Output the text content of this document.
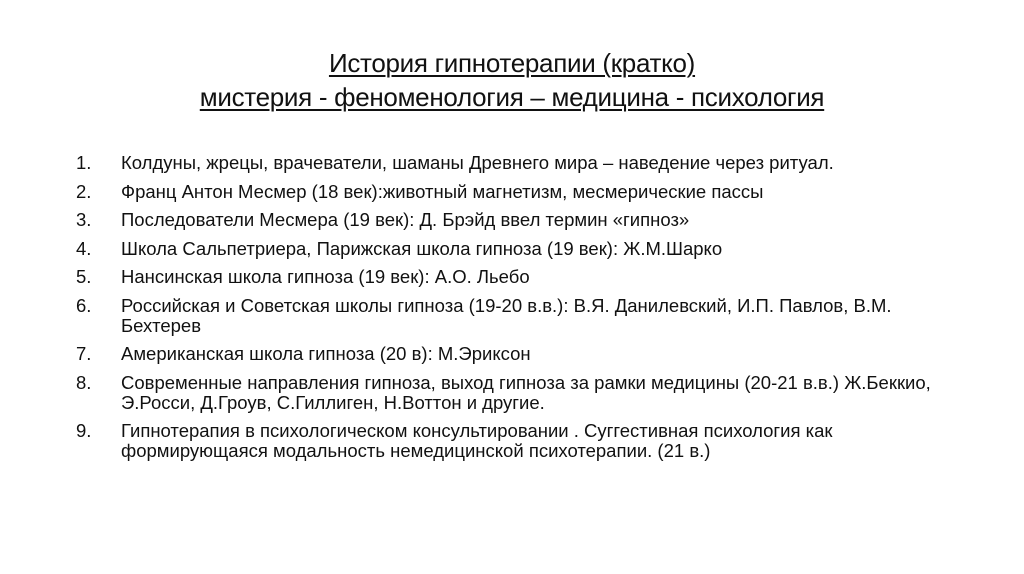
История гипнотерапии (кратко)
мистерия - феноменология – медицина - психология
1. Колдуны, жрецы, врачеватели, шаманы Древнего мира – наведение через ритуал.
2. Франц Антон Месмер (18 век):животный магнетизм, месмерические пассы
3. Последователи Месмера (19 век): Д. Брэйд ввел термин «гипноз»
4. Школа Сальпетриера, Парижская школа гипноза (19 век): Ж.М.Шарко
5. Нансинская школа гипноза (19 век): А.О. Льебо
6. Российская и Советская школы гипноза (19-20 в.в.): В.Я. Данилевский, И.П. Павлов, В.М. Бехтерев
7. Американская школа гипноза (20 в): М.Эриксон
8. Современные направления гипноза, выход гипноза за рамки медицины (20-21 в.в.) Ж.Беккио, Э.Росси, Д.Гроув, С.Гиллиген, Н.Воттон и другие.
9. Гипнотерапия в психологическом консультировании . Суггестивная психология как формирующаяся модальность немедицинской психотерапии. (21 в.)
